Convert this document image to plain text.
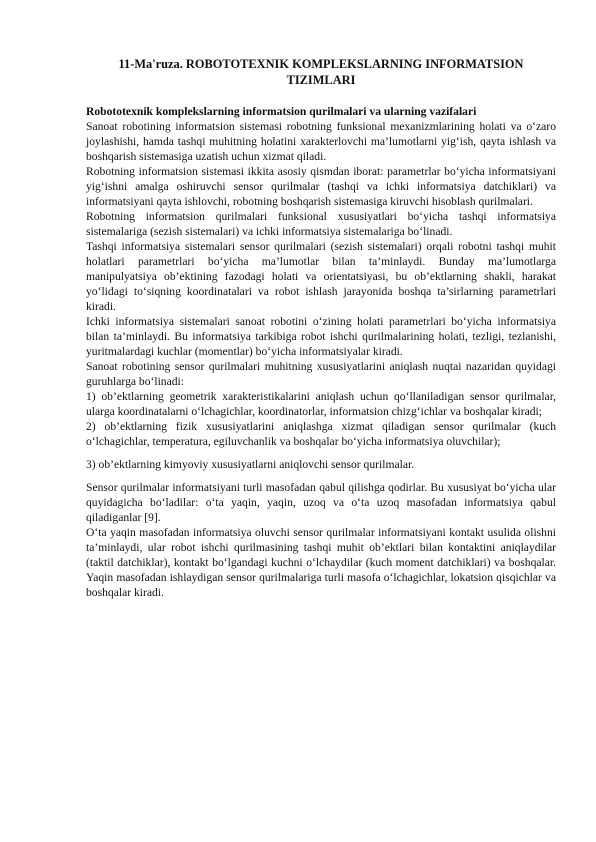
11-Ma'ruza. ROBOTOTEXNIK KOMPLEKSLARNING INFORMATSION TIZIMLARI
Robototexnik komplekslarning informatsion qurilmalari va ularning vazifalari

Sanoat robotining informatsion sistemasi robotning funksional mexanizmlarining holati va o‘zaro joylashishi, hamda tashqi muhitning holatini xarakterlovchi ma’lumotlarni yig‘ish, qayta ishlash va boshqarish sistemasiga uzatish uchun xizmat qiladi.

Robotning informatsion sistemasi ikkita asosiy qismdan iborat: parametrlar bo‘yicha informatsiyani yig‘ishni amalga oshiruvchi sensor qurilmalar (tashqi va ichki informatsiya datchiklari) va informatsiyani qayta ishlovchi, robotning boshqarish sistemasiga kiruvchi hisoblash qurilmalari.

Robotning informatsion qurilmalari funksional xususiyatlari bo‘yicha tashqi informatsiya sistemalariga (sezish sistemalari) va ichki informatsiya sistemalariga bo‘linadi.

Tashqi informatsiya sistemalari sensor qurilmalari (sezish sistemalari) orqali robotni tashqi muhit holatlari parametrlari bo‘yicha ma’lumotlar bilan ta’minlaydi. Bunday ma’lumotlarga manipulyatsiya ob’ektining fazodagi holati va orientatsiyasi, bu ob’ektlarning shakli, harakat yo‘lidagi to‘siqning koordinatalari va robot ishlash jarayonida boshqa ta’sirlarning parametrlari kiradi.

Ichki informatsiya sistemalari sanoat robotini o‘zining holati parametrlari bo‘yicha informatsiya bilan ta’minlaydi. Bu informatsiya tarkibiga robot ishchi qurilmalarining holati, tezligi, tezlanishi, yuritmalardagi kuchlar (momentlar) bo‘yicha informatsiyalar kiradi.

Sanoat robotining sensor qurilmalari muhitning xususiyatlarini aniqlash nuqtai nazaridan quyidagi guruhlarga bo‘linadi:

1) ob’ektlarning geometrik xarakteristikalarini aniqlash uchun qo‘llaniladigan sensor qurilmalar, ularga koordinatalarni o‘lchagichlar, koordinatorlar, informatsion chizg‘ichlar va boshqalar kiradi;

2) ob’ektlarning fizik xususiyatlarini aniqlashga xizmat qiladigan sensor qurilmalar (kuch o‘lchagichlar, temperatura, egiluvchanlik va boshqalar bo‘yicha informatsiya oluvchilar);

3) ob’ektlarning kimyoviy xususiyatlarni aniqlovchi sensor qurilmalar.

Sensor qurilmalar informatsiyani turli masofadan qabul qilishga qodirlar. Bu xususiyat bo‘yicha ular quyidagicha bo‘ladilar: o‘ta yaqin, yaqin, uzoq va o‘ta uzoq masofadan informatsiya qabul qiladiganlar [9].

O‘ta yaqin masofadan informatsiya oluvchi sensor qurilmalar informatsiyani kontakt usulida olishni ta’minlaydi, ular robot ishchi qurilmasining tashqi muhit ob’ektlari bilan kontaktini aniqlaydilar (taktil datchiklar), kontakt bo‘lgandagi kuchni o‘lchaydilar (kuch moment datchiklari) va boshqalar. Yaqin masofadan ishlaydigan sensor qurilmalariga turli masofa o‘lchagichlar, lokatsion qisqichlar va boshqalar kiradi.
